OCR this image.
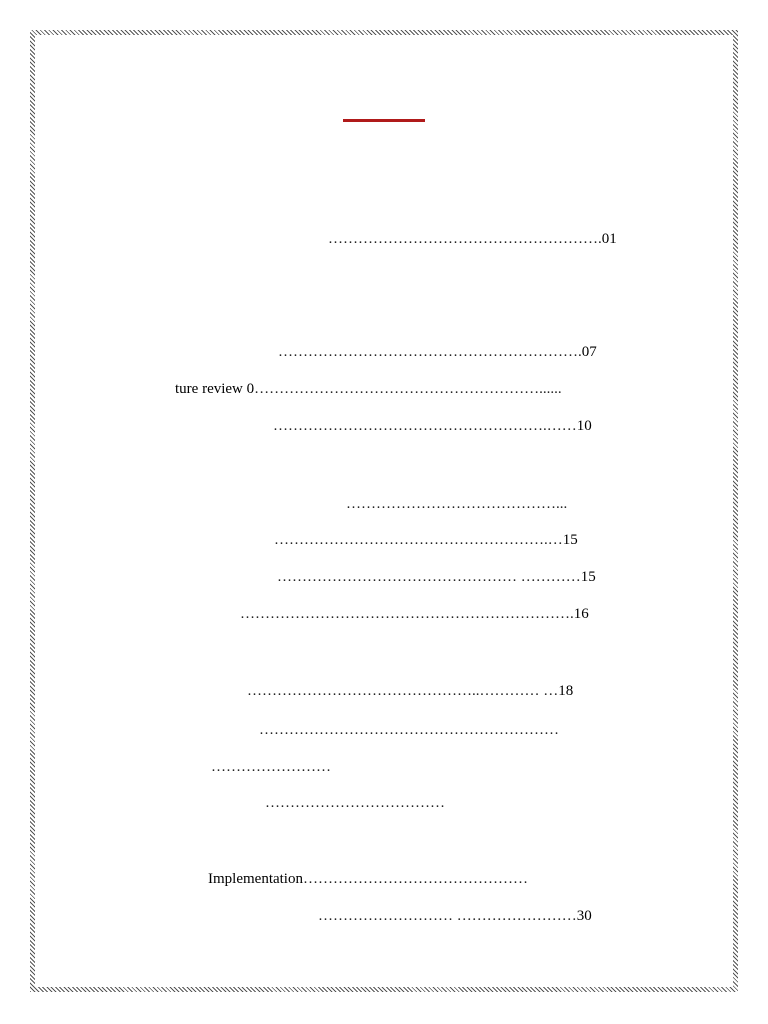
……………………………………………….01
…………………………………………………….07
ture review 0…………………………………………………......
……………………………………………….……10
……………………………………...
……………………………………………….…15
………………………………………… …………15
………………………………………………………….16
………………………………………..………… …18
……………………………………………………
……………………
………………………………
Implementation………………………………………
……………………… ……………………30
